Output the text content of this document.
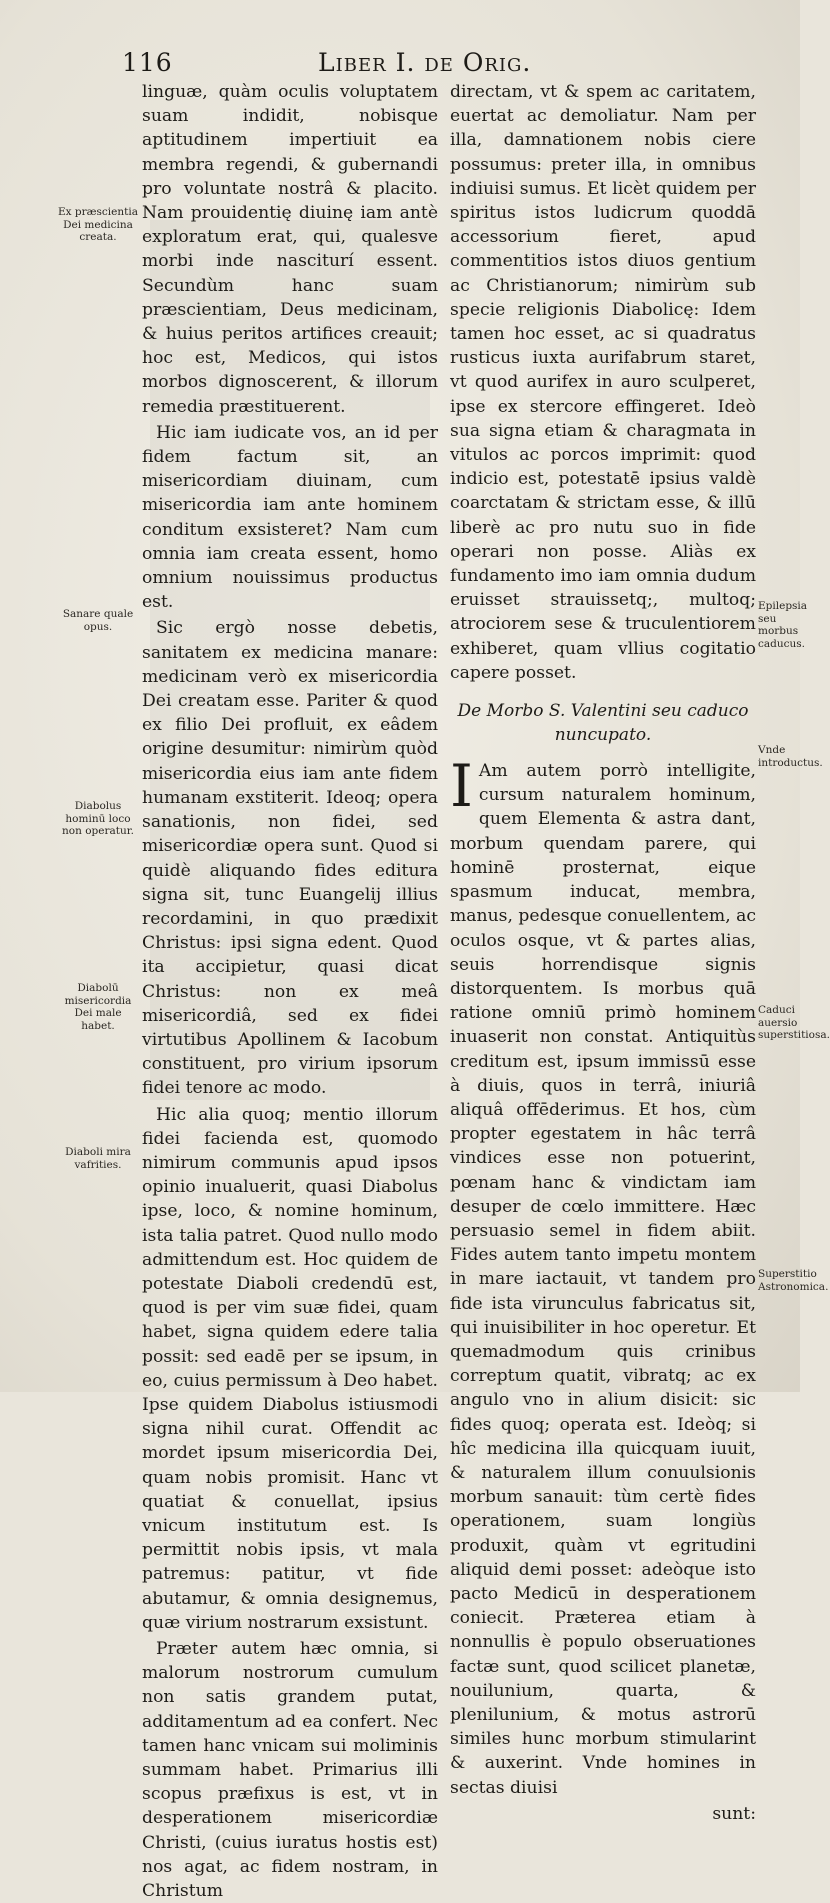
116	Liber I. de Orig.

linguæ, quàm oculis voluptatem suam indidit, nobisque aptitudinem impertiuit ea membra regendi, & gubernandi pro voluntate nostrâ & placito. Nam prouidentię diuinę iam antè exploratum erat, qui, qualesve morbi inde nasciturí essent. Secundùm hanc suam præscientiam, Deus medicinam, & huius peritos artifices creauit; hoc est, Medicos, qui istos morbos dignoscerent, & illorum remedia præstituerent.

Hic iam iudicate vos, an id per fidem factum sit, an misericordiam diuinam, cum misericordia iam ante hominem conditum exsisteret? Nam cum omnia iam creata essent, homo omnium nouissimus productus est.

Sic ergò nosse debetis, sanitatem ex medicina manare: medicinam verò ex misericordia Dei creatam esse. Pariter & quod ex filio Dei profluit, ex eâdem origine desumitur: nimirùm quòd misericordia eius iam ante fidem humanam exstiterit. Ideoq; opera sanationis, non fidei, sed misericordiæ opera sunt. Quod si quidè aliquando fides editura signa sit, tunc Euangelij illius recordamini, in quo prædixit Christus: ipsi signa edent. Quod ita accipietur, quasi dicat Christus: non ex meâ misericordiâ, sed ex fidei virtutibus Apollinem & Iacobum constituent, pro virium ipsorum fidei tenore ac modo.

Hic alia quoq; mentio illorum fidei facienda est, quomodo nimirum communis apud ipsos opinio inualuerit, quasi Diabolus ipse, loco, & nomine hominum, ista talia patret. Quod nullo modo admittendum est. Hoc quidem de potestate Diaboli credendū est, quod is per vim suæ fidei, quam habet, signa quidem edere talia possit: sed eadē per se ipsum, in eo, cuius permissum à Deo habet. Ipse quidem Diabolus istiusmodi signa nihil curat. Offendit ac mordet ipsum misericordia Dei, quam nobis promisit. Hanc vt quatiat & conuellat, ipsius vnicum institutum est. Is permittit nobis ipsis, vt mala patremus: patitur, vt fide abutamur, & omnia designemus, quæ virium nostrarum exsistunt.

Præter autem hæc omnia, si malorum nostrorum cumulum non satis grandem putat, additamentum ad ea confert. Nec tamen hanc vnicam sui moliminis summam habet. Primarius illi scopus præfixus is est, vt in desperationem misericordiæ Christi, (cuius iuratus hostis est) nos agat, ac fidem nostram, in Christum

directam, vt & spem ac caritatem, euertat ac demoliatur. Nam per illa, damnationem nobis ciere possumus: preter illa, in omnibus indiuisi sumus. Et licèt quidem per spiritus istos ludicrum quoddā accessorium fieret, apud commentitios istos diuos gentium ac Christianorum; nimirùm sub specie religionis Diabolicę: Idem tamen hoc esset, ac si quadratus rusticus iuxta aurifabrum staret, vt quod aurifex in auro sculperet, ipse ex stercore effingeret. Ideò sua signa etiam & charagmata in vitulos ac porcos imprimit: quod indicio est, potestatē ipsius valdè coarctatam & strictam esse, & illū liberè ac pro nutu suo in fide operari non posse. Aliàs ex fundamento imo iam omnia dudum eruisset strauissetq;, multoq; atrociorem sese & truculentiorem exhiberet, quam vllius cogitatio capere posset.

De Morbo S. Valentini seu caduco
nuncupato.

I Am autem porrò intelligite, cursum naturalem hominum, quem Elementa & astra dant, morbum quendam parere, qui hominē prosternat, eique spasmum inducat, membra, manus, pedesque conuellentem, ac oculos osque, vt & partes alias, seuis horrendisque signis distorquentem. Is morbus quā ratione omniū primò hominem inuaserit non constat. Antiquitùs creditum est, ipsum immissū esse à diuis, quos in terrâ, iniuriâ aliquâ offēderimus. Et hos, cùm propter egestatem in hâc terrâ vindices esse non potuerint, pœnam hanc & vindictam iam desuper de cœlo immittere. Hæc persuasio semel in fidem abiit. Fides autem tanto impetu montem in mare iactauit, vt tandem pro fide ista virunculus fabricatus sit, qui inuisibiliter in hoc operetur. Et quemadmodum quis crinibus correptum quatit, vibratq; ac ex angulo vno in alium disicit: sic fides quoq; operata est. Ideòq; si hîc medicina illa quicquam iuuit, & naturalem illum conuulsionis morbum sanauit: tùm certè fides operationem, suam longiùs produxit, quàm vt egritudini aliquid demi posset: adeòque isto pacto Medicū in desperationem coniecit. Præterea etiam à nonnullis è populo obseruationes factæ sunt, quod scilicet planetæ, nouilunium, quarta, & plenilunium, & motus astrorū similes hunc morbum stimularint & auxerint. Vnde homines in sectas diuisi

sunt:
Ex præscientia Dei medicina creata.
Sanare quale opus.
Diabolus hominū loco non operatur.
Diabolū misericordia Dei male habet.
Diaboli mira vafrities.
Epilepsia seu morbus caducus.
Vnde introductus.
Caduci auersio superstitiosa.
Superstitio Astronomica.
